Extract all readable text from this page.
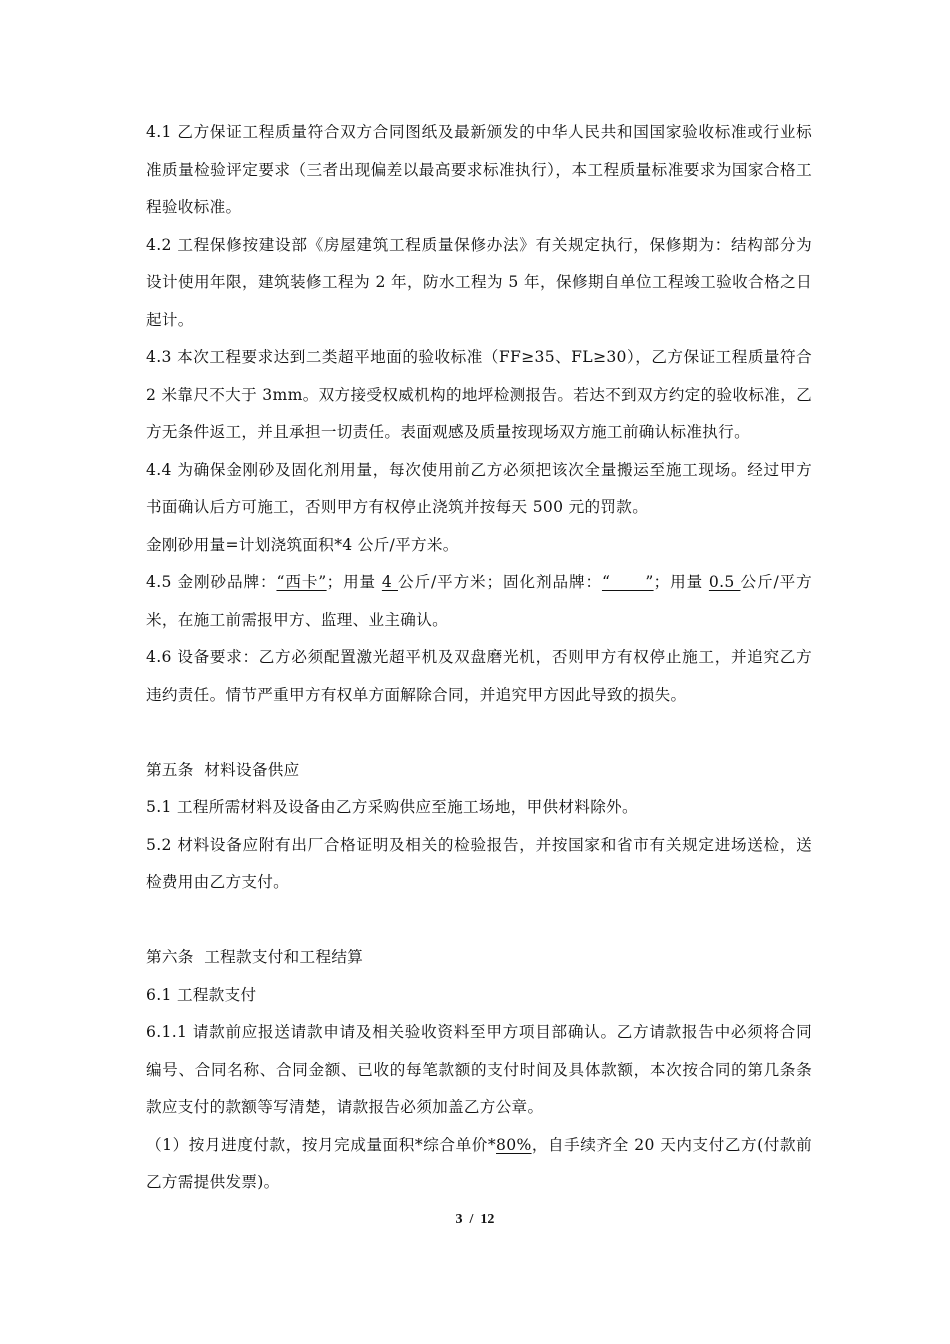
4.1 乙方保证工程质量符合双方合同图纸及最新颁发的中华人民共和国国家验收标准或行业标准质量检验评定要求（三者出现偏差以最高要求标准执行），本工程质量标准要求为国家合格工程验收标准。

4.2 工程保修按建设部《房屋建筑工程质量保修办法》有关规定执行，保修期为：结构部分为设计使用年限，建筑装修工程为 2 年，防水工程为 5 年，保修期自单位工程竣工验收合格之日起计。

4.3 本次工程要求达到二类超平地面的验收标准（FF≥35、FL≥30），乙方保证工程质量符合 2 米靠尺不大于 3mm。双方接受权威机构的地坪检测报告。若达不到双方约定的验收标准，乙方无条件返工，并且承担一切责任。表面观感及质量按现场双方施工前确认标准执行。

4.4 为确保金刚砂及固化剂用量，每次使用前乙方必须把该次全量搬运至施工现场。经过甲方书面确认后方可施工，否则甲方有权停止浇筑并按每天 500 元的罚款。

金刚砂用量=计划浇筑面积*4 公斤/平方米。

4.5 金刚砂品牌：“西卡”；用量 4 公斤/平方米；固化剂品牌：“      ”；用量 0.5 公斤/平方米，在施工前需报甲方、监理、业主确认。

4.6 设备要求：乙方必须配置激光超平机及双盘磨光机，否则甲方有权停止施工，并追究乙方违约责任。情节严重甲方有权单方面解除合同，并追究甲方因此导致的损失。

第五条  材料设备供应

5.1 工程所需材料及设备由乙方采购供应至施工场地，甲供材料除外。

5.2 材料设备应附有出厂合格证明及相关的检验报告，并按国家和省市有关规定进场送检，送检费用由乙方支付。

第六条  工程款支付和工程结算

6.1 工程款支付

6.1.1 请款前应报送请款申请及相关验收资料至甲方项目部确认。乙方请款报告中必须将合同编号、合同名称、合同金额、已收的每笔款额的支付时间及具体款额，本次按合同的第几条条款应支付的款额等写清楚，请款报告必须加盖乙方公章。

（1）按月进度付款，按月完成量面积*综合单价*80%，自手续齐全 20 天内支付乙方(付款前乙方需提供发票)。

3  /  12
